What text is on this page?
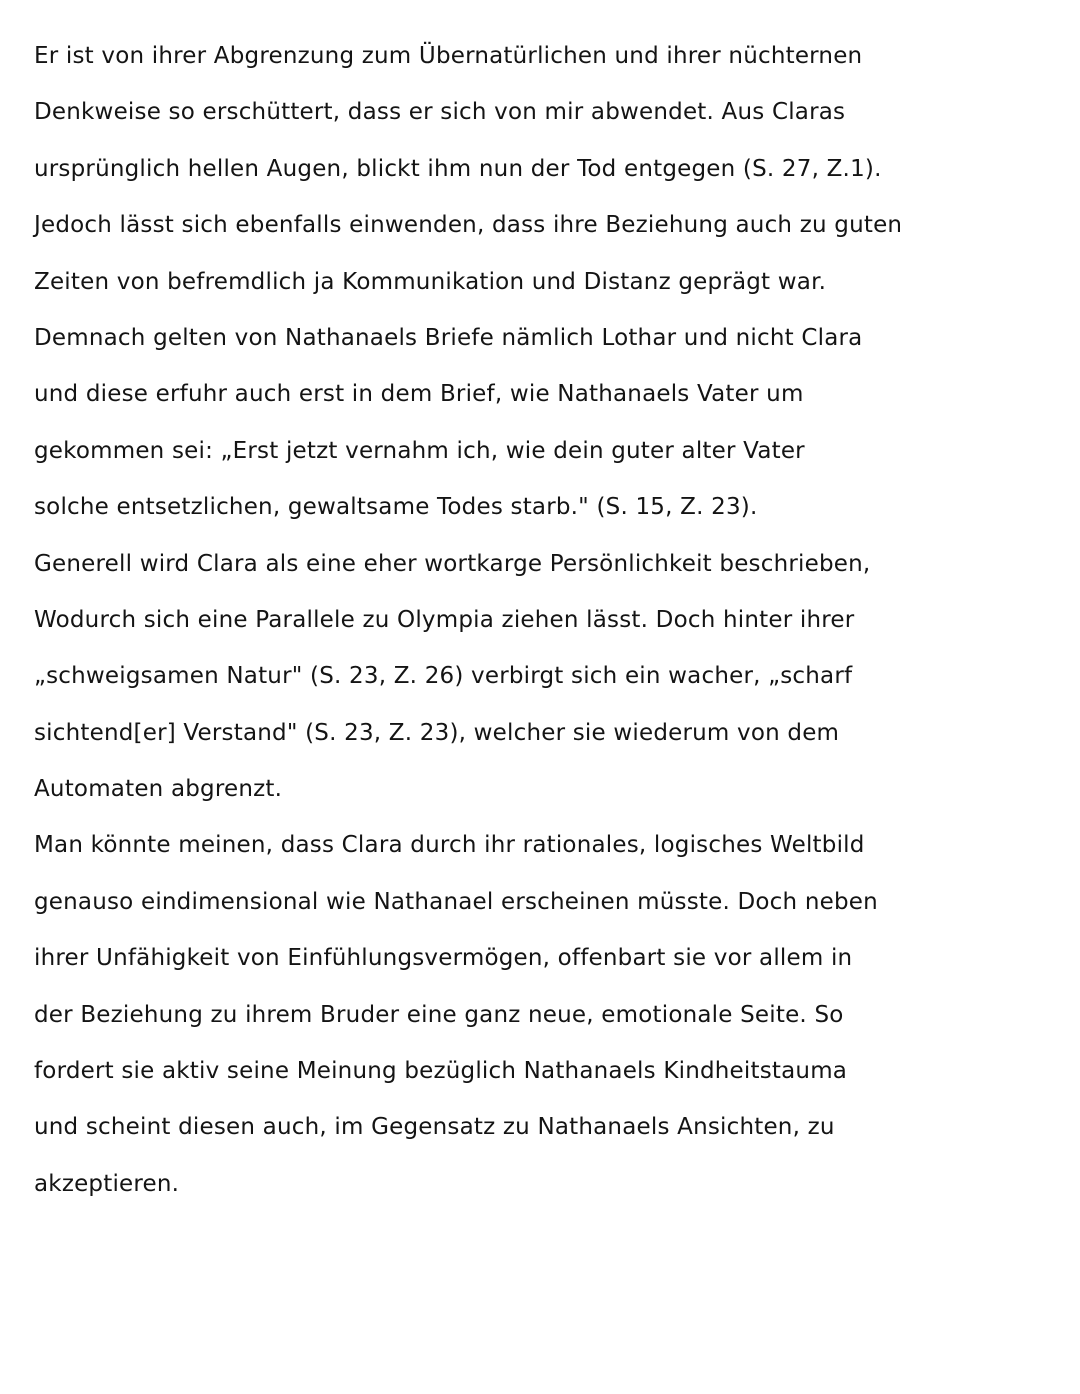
Er ist von ihrer Abgrenzung zum Übernatürlichen und ihrer nüchternen
Denkweise so erschüttert, dass er sich von mir abwendet. Aus Claras
ursprünglich hellen Augen, blickt ihm nun der Tod entgegen (S. 27, Z.1).
Jedoch lässt sich ebenfalls einwenden, dass ihre Beziehung auch zu guten
Zeiten von befremdlich ja Kommunikation und Distanz geprägt war.
Demnach gelten von Nathanaels Briefe nämlich Lothar und nicht Clara
und diese erfuhr auch erst in dem Brief, wie Nathanaels Vater um
gekommen sei: „Erst jetzt vernahm ich, wie dein guter alter Vater
solche entsetzlichen, gewaltsame Todes starb." (S. 15, Z. 23).
Generell wird Clara als eine eher wortkarge Persönlichkeit beschrieben,
Wodurch sich eine Parallele zu Olympia ziehen lässt. Doch hinter ihrer
„schweigsamen Natur" (S. 23, Z. 26) verbirgt sich ein wacher, „scharf
sichtend[er] Verstand" (S. 23, Z. 23), welcher sie wiederum von dem
Automaten abgrenzt.
Man könnte meinen, dass Clara durch ihr rationales, logisches Weltbild
genauso eindimensional wie Nathanael erscheinen müsste. Doch neben
ihrer Unfähigkeit von Einfühlungsvermögen, offenbart sie vor allem in
der Beziehung zu ihrem Bruder eine ganz neue, emotionale Seite. So
fordert sie aktiv seine Meinung bezüglich Nathanaels Kindheitstauma
und scheint diesen auch, im Gegensatz zu Nathanaels Ansichten, zu
akzeptieren.
